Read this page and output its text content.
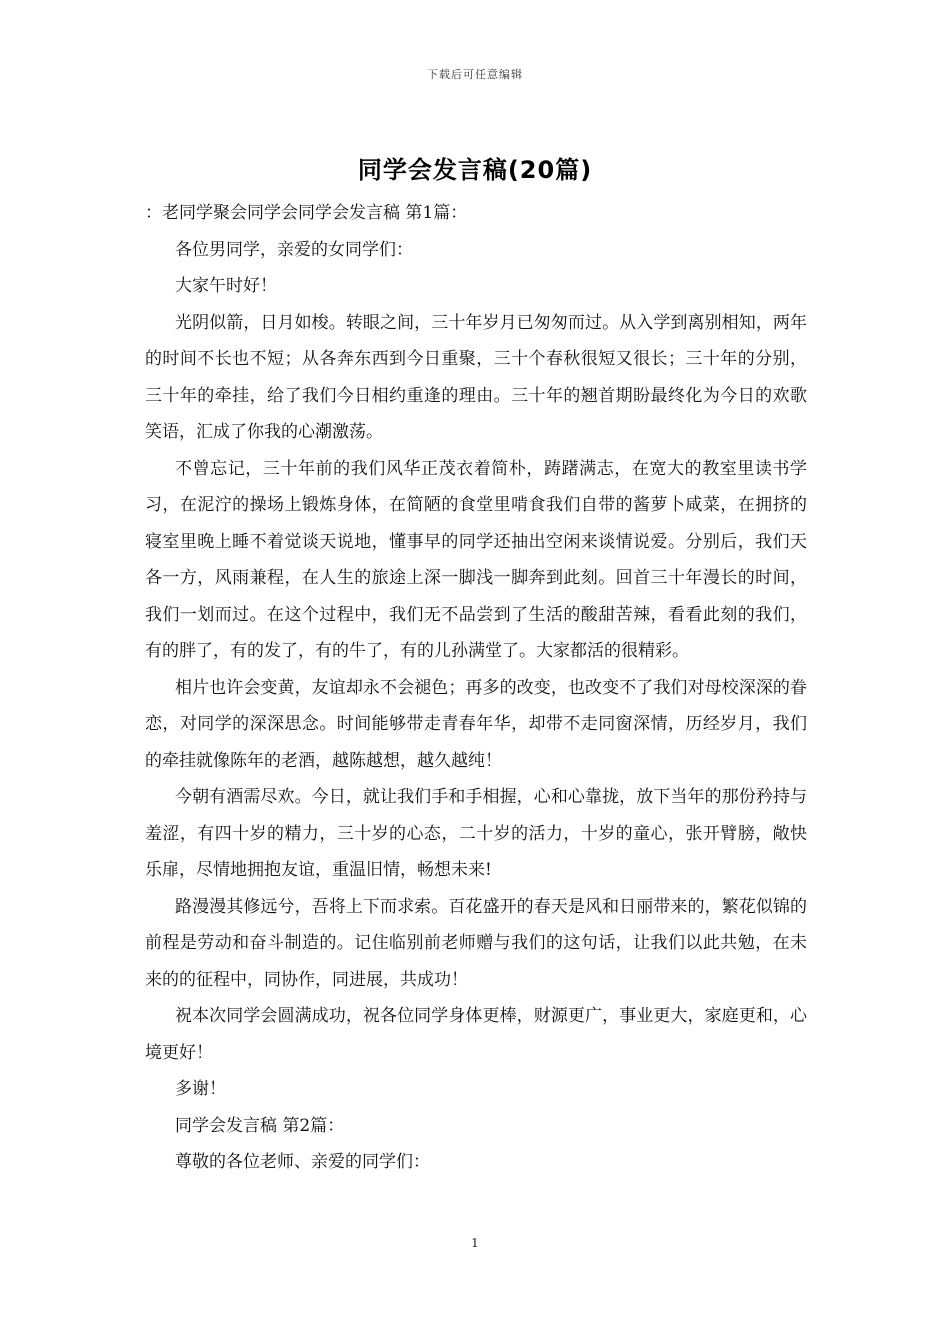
下载后可任意编辑
同学会发言稿(20篇)

：老同学聚会同学会同学会发言稿 第1篇：

各位男同学，亲爱的女同学们：

大家午时好！

光阴似箭，日月如梭。转眼之间，三十年岁月已匆匆而过。从入学到离别相知，两年的时间不长也不短；从各奔东西到今日重聚，三十个春秋很短又很长；三十年的分别，三十年的牵挂，给了我们今日相约重逢的理由。三十年的翘首期盼最终化为今日的欢歌笑语，汇成了你我的心潮激荡。

不曾忘记，三十年前的我们风华正茂衣着简朴，踌躇满志，在宽大的教室里读书学习，在泥泞的操场上锻炼身体，在简陋的食堂里啃食我们自带的酱萝卜咸菜，在拥挤的寝室里晚上睡不着觉谈天说地，懂事早的同学还抽出空闲来谈情说爱。分别后，我们天各一方，风雨兼程，在人生的旅途上深一脚浅一脚奔到此刻。回首三十年漫长的时间，我们一划而过。在这个过程中，我们无不品尝到了生活的酸甜苦辣，看看此刻的我们，有的胖了，有的发了，有的牛了，有的儿孙满堂了。大家都活的很精彩。

相片也许会变黄，友谊却永不会褪色；再多的改变，也改变不了我们对母校深深的眷恋，对同学的深深思念。时间能够带走青春年华，却带不走同窗深情，历经岁月，我们的牵挂就像陈年的老酒，越陈越想，越久越纯！

今朝有酒需尽欢。今日，就让我们手和手相握，心和心靠拢，放下当年的那份矜持与羞涩，有四十岁的精力，三十岁的心态，二十岁的活力，十岁的童心，张开臂膀，敞快乐扉，尽情地拥抱友谊，重温旧情，畅想未来!

路漫漫其修远兮，吾将上下而求索。百花盛开的春天是风和日丽带来的，繁花似锦的前程是劳动和奋斗制造的。记住临别前老师赠与我们的这句话，让我们以此共勉，在未来的的征程中，同协作，同进展，共成功！

祝本次同学会圆满成功，祝各位同学身体更棒，财源更广，事业更大，家庭更和，心境更好！

多谢！

同学会发言稿 第2篇：

尊敬的各位老师、亲爱的同学们：

1
